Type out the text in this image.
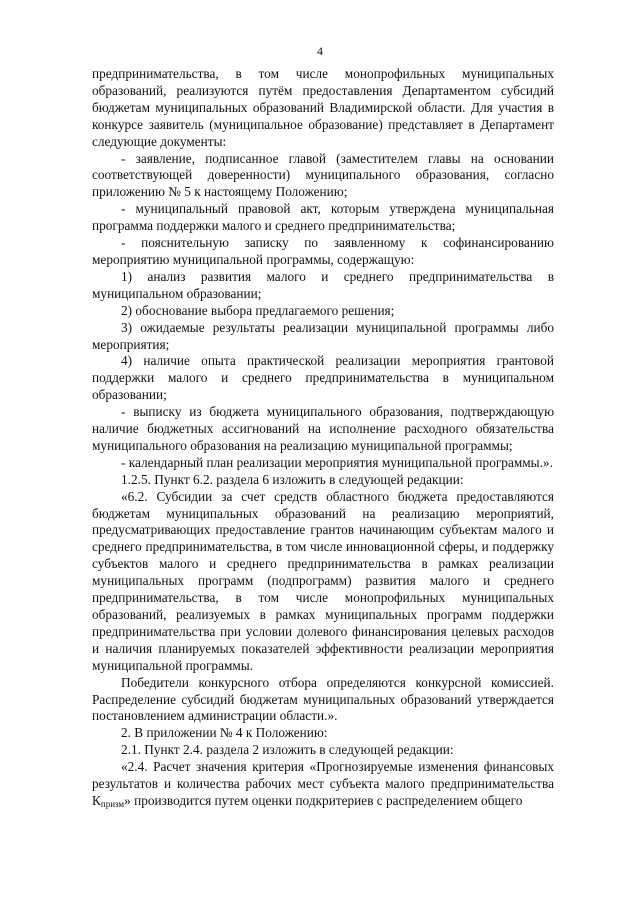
4

предпринимательства, в том числе монопрофильных муниципальных образований, реализуются путём предоставления Департаментом субсидий бюджетам муниципальных образований Владимирской области. Для участия в конкурсе заявитель (муниципальное образование) представляет в Департамент следующие документы:

- заявление, подписанное главой (заместителем главы на основании соответствующей доверенности) муниципального образования, согласно приложению № 5 к настоящему Положению;

- муниципальный правовой акт, которым утверждена муниципальная программа поддержки малого и среднего предпринимательства;

- пояснительную записку по заявленному к софинансированию мероприятию муниципальной программы, содержащую:

1) анализ развития малого и среднего предпринимательства в муниципальном образовании;

2) обоснование выбора предлагаемого решения;

3) ожидаемые результаты реализации муниципальной программы либо мероприятия;

4) наличие опыта практической реализации мероприятия грантовой поддержки малого и среднего предпринимательства в муниципальном образовании;

- выписку из бюджета муниципального образования, подтверждающую наличие бюджетных ассигнований на исполнение расходного обязательства муниципального образования на реализацию муниципальной программы;

- календарный план реализации мероприятия муниципальной программы.».

1.2.5. Пункт 6.2. раздела 6 изложить в следующей редакции:

«6.2. Субсидии за счет средств областного бюджета предоставляются бюджетам муниципальных образований на реализацию мероприятий, предусматривающих предоставление грантов начинающим субъектам малого и среднего предпринимательства, в том числе инновационной сферы, и поддержку субъектов малого и среднего предпринимательства в рамках реализации муниципальных программ (подпрограмм) развития малого и среднего предпринимательства, в том числе монопрофильных муниципальных образований, реализуемых в рамках муниципальных программ поддержки предпринимательства при условии долевого финансирования целевых расходов и наличия планируемых показателей эффективности реализации мероприятия муниципальной программы.

Победители конкурсного отбора определяются конкурсной комиссией. Распределение субсидий бюджетам муниципальных образований утверждается постановлением администрации области.».

2. В приложении № 4 к Положению:

2.1. Пункт 2.4. раздела 2 изложить в следующей редакции:

«2.4. Расчет значения критерия «Прогнозируемые изменения финансовых результатов и количества рабочих мест субъекта малого предпринимательства $К_{призм}$» производится путем оценки подкритериев с распределением общего
